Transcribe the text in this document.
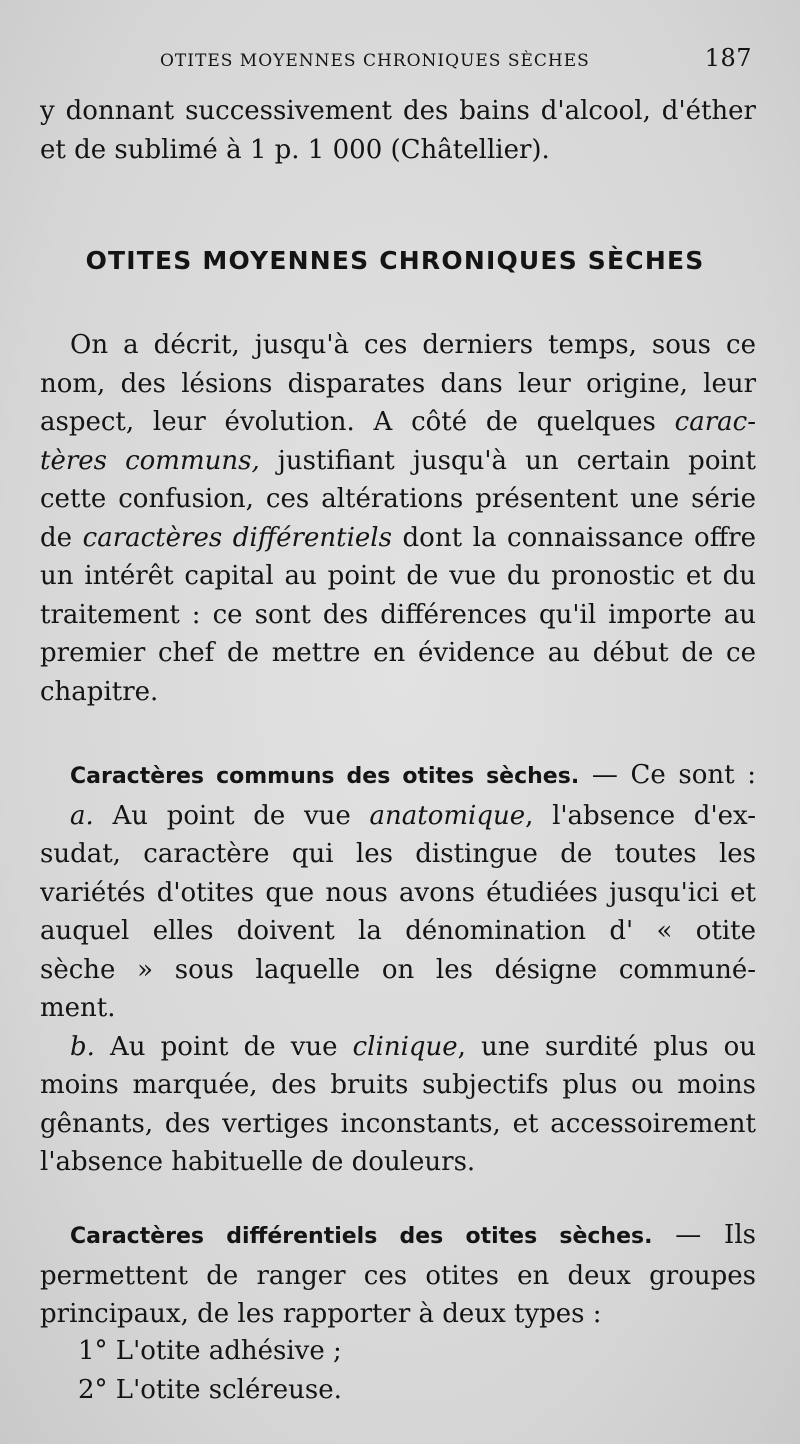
OTITES MOYENNES CHRONIQUES SÈCHES	187
y donnant successivement des bains d'alcool, d'éther
et de sublimé à 1 p. 1 000 (Châtellier).
OTITES MOYENNES CHRONIQUES SÈCHES
On a décrit, jusqu'à ces derniers temps, sous ce
nom, des lésions disparates dans leur origine, leur
aspect, leur évolution. A côté de quelques carac-
tères communs, justifiant jusqu'à un certain point
cette confusion, ces altérations présentent une série
de caractères différentiels dont la connaissance offre
un intérêt capital au point de vue du pronostic et du
traitement : ce sont des différences qu'il importe au
premier chef de mettre en évidence au début de ce
chapitre.
Caractères communs des otites sèches. — Ce sont :
a. Au point de vue anatomique, l'absence d'ex-
sudat, caractère qui les distingue de toutes les
variétés d'otites que nous avons étudiées jusqu'ici et
auquel elles doivent la dénomination d' « otite
sèche » sous laquelle on les désigne communé-
ment.
b. Au point de vue clinique, une surdité plus ou
moins marquée, des bruits subjectifs plus ou moins
gênants, des vertiges inconstants, et accessoirement
l'absence habituelle de douleurs.
Caractères différentiels des otites sèches. — Ils
permettent de ranger ces otites en deux groupes
principaux, de les rapporter à deux types :
1° L'otite adhésive ;
2° L'otite scléreuse.
